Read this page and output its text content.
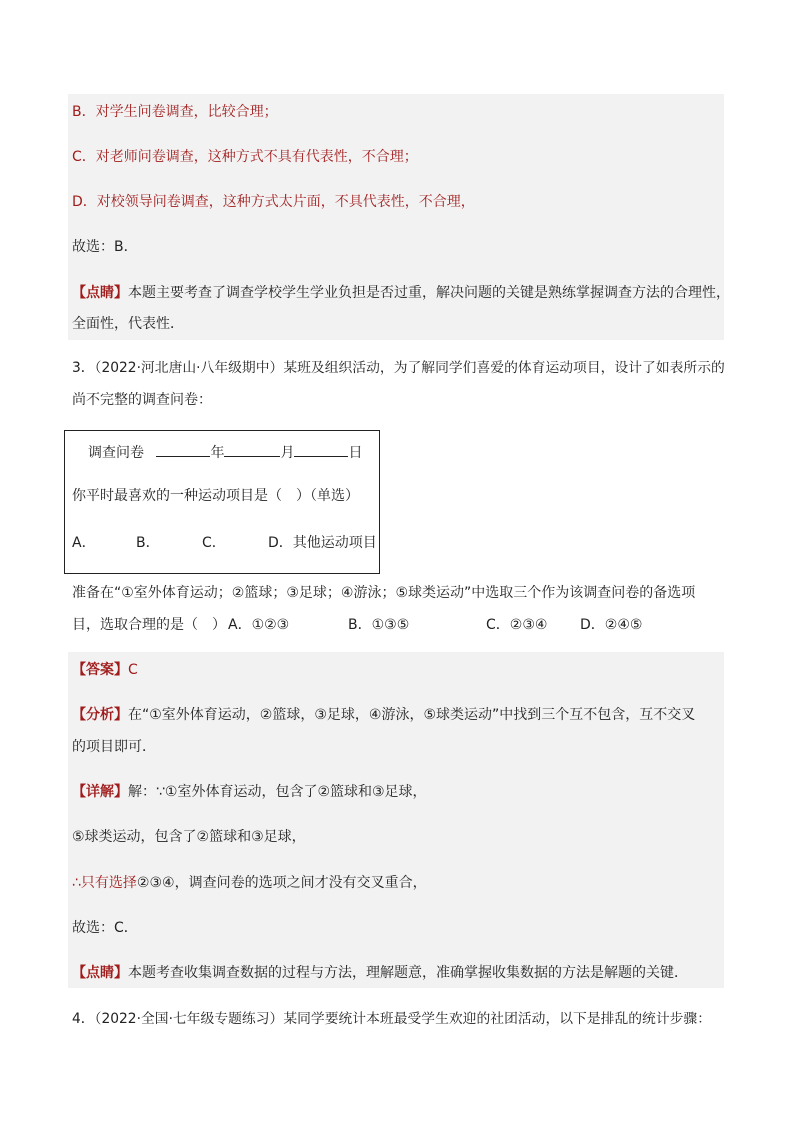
B．对学生问卷调查，比较合理；
C．对老师问卷调查，这种方式不具有代表性，不合理；
D．对校领导问卷调查，这种方式太片面，不具代表性，不合理，
故选：B．
【点睛】本题主要考查了调查学校学生学业负担是否过重，解决问题的关键是熟练掌握调查方法的合理性，
全面性，代表性．
3．（2022·河北唐山·八年级期中）某班及组织活动，为了解同学们喜爱的体育运动项目，设计了如表所示的
尚不完整的调查问卷：
调查问卷	年	月	日
你平时最喜欢的一种运动项目是（　）（单选）
A．	B．	C．	D．其他运动项目
准备在“①室外体育运动；②篮球；③足球；④游泳；⑤球类运动”中选取三个作为该调查问卷的备选项
目，选取合理的是（　） A．①②③	B．①③⑤	C．②③④ D．②④⑤
【答案】C
【分析】在“①室外体育运动，②篮球，③足球，④游泳，⑤球类运动”中找到三个互不包含，互不交叉
的项目即可．
【详解】解：∵①室外体育运动，包含了②篮球和③足球，
⑤球类运动，包含了②篮球和③足球，
∴只有选择②③④，调查问卷的选项之间才没有交叉重合，
故选：C．
【点睛】本题考查收集调查数据的过程与方法，理解题意，准确掌握收集数据的方法是解题的关键．
4．（2022·全国·七年级专题练习）某同学要统计本班最受学生欢迎的社团活动，以下是排乱的统计步骤：
